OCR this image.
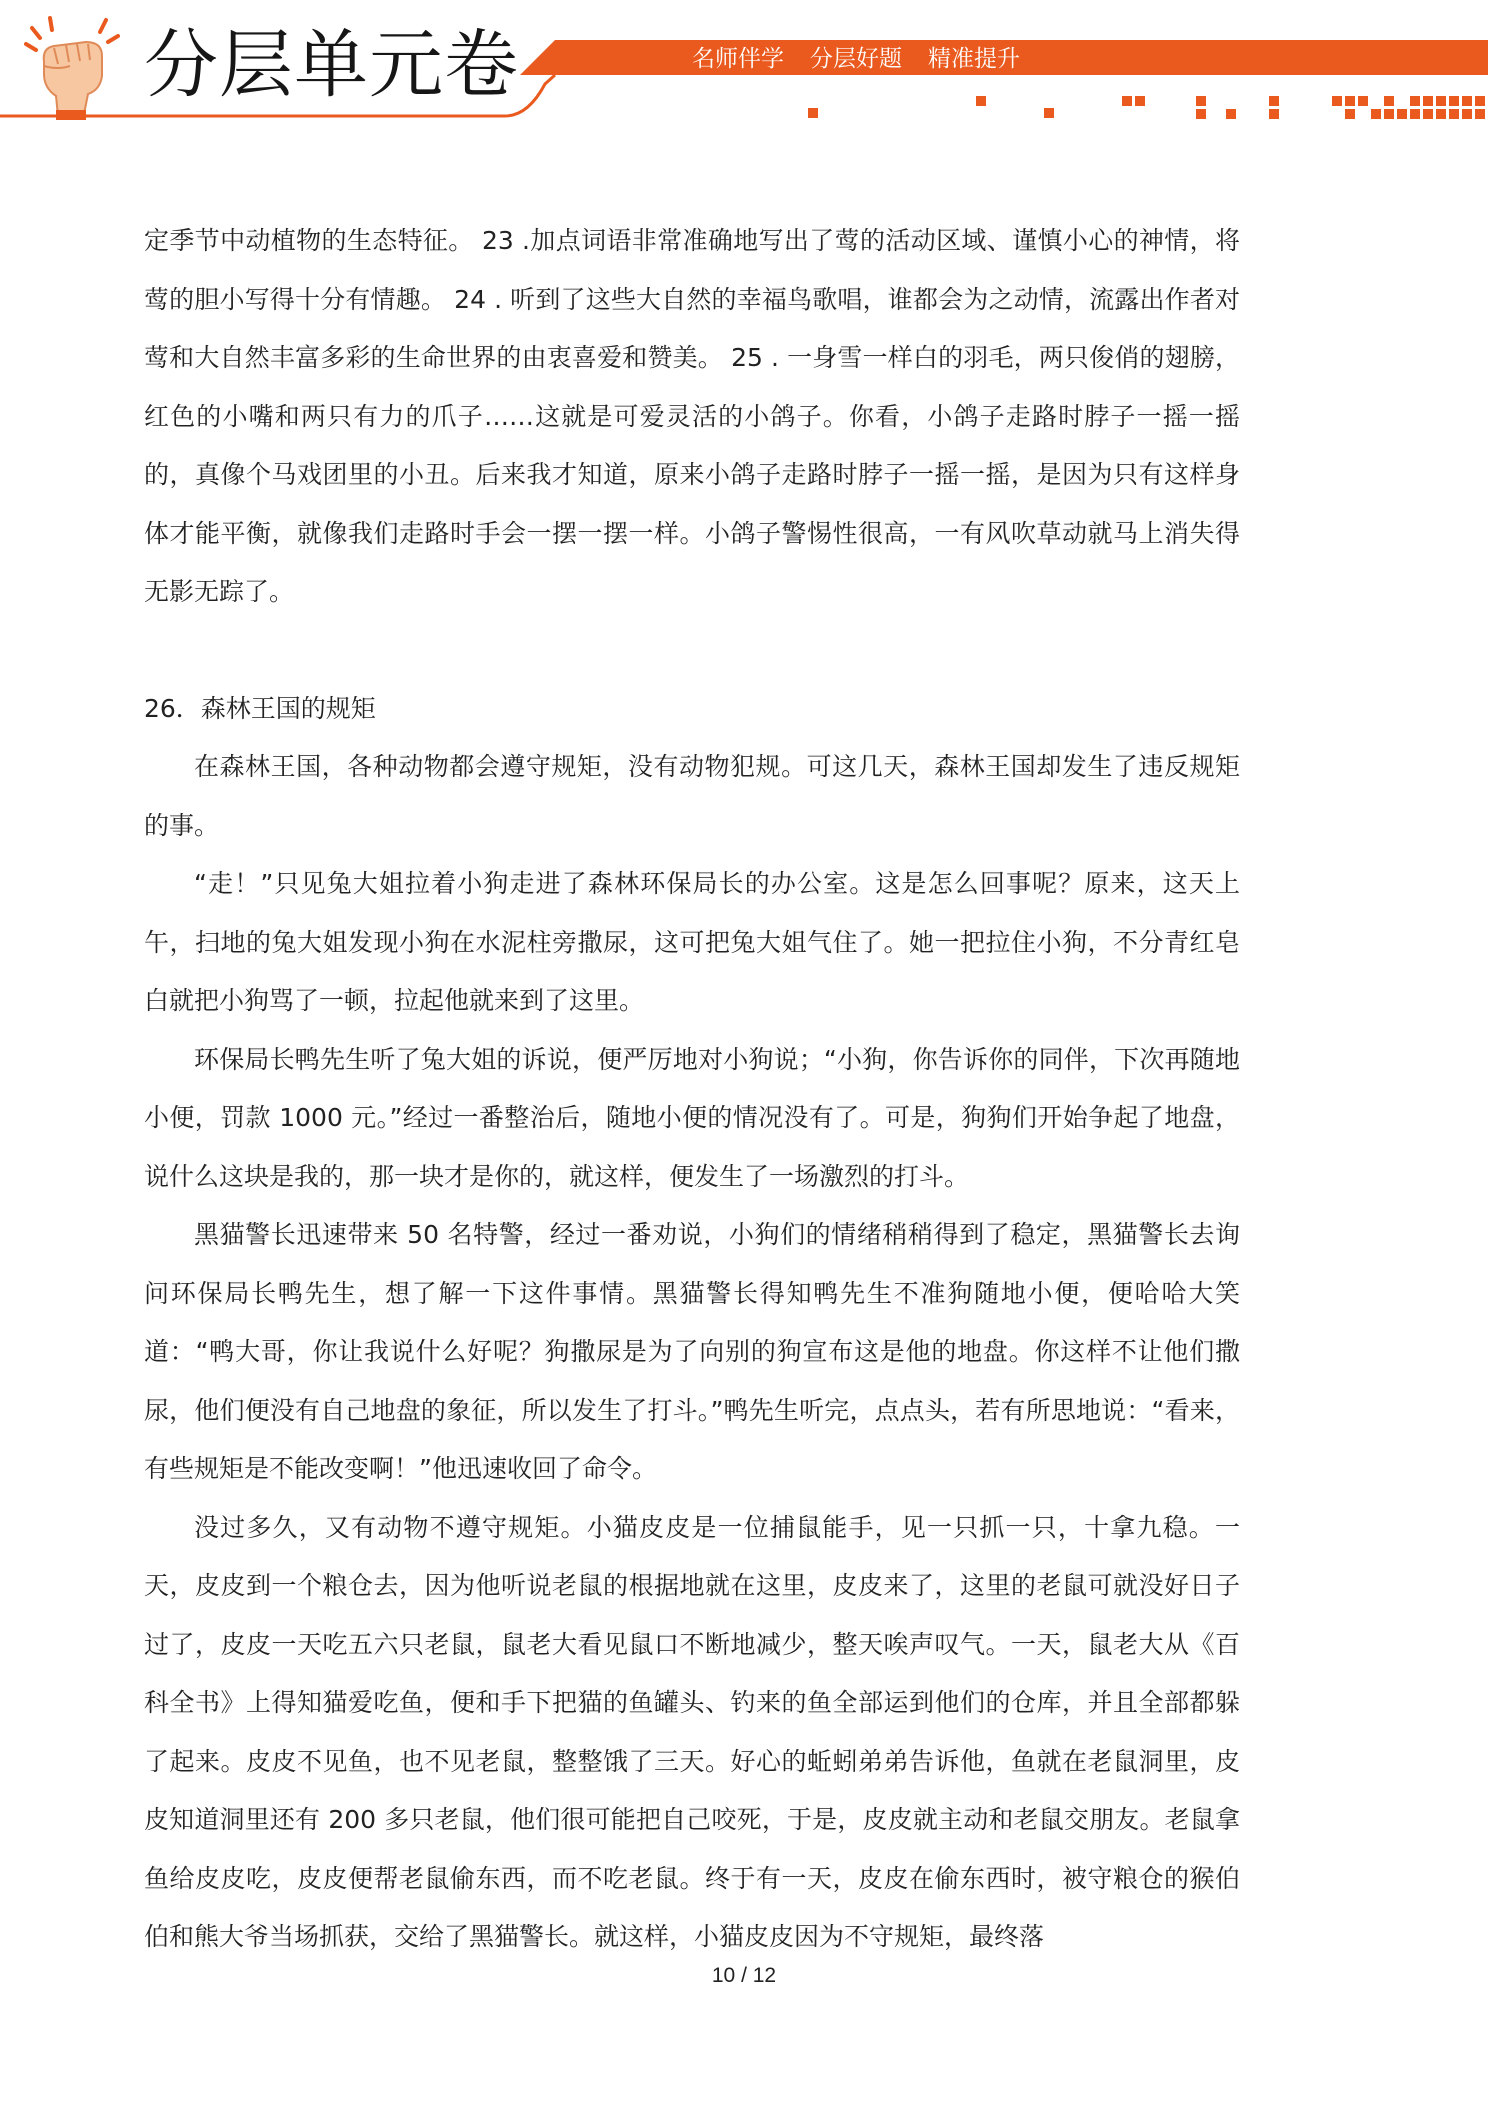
分层单元卷	名师伴学 分层好题 精准提升

定季节中动植物的生态特征。 23 .加点词语非常准确地写出了莺的活动区域、谨慎小心的神情，将莺的胆小写得十分有情趣。 24 . 听到了这些大自然的幸福鸟歌唱，谁都会为之动情，流露出作者对莺和大自然丰富多彩的生命世界的由衷喜爱和赞美。 25 . 一身雪一样白的羽毛，两只俊俏的翅膀，红色的小嘴和两只有力的爪子……这就是可爱灵活的小鸽子。你看，小鸽子走路时脖子一摇一摇的，真像个马戏团里的小丑。后来我才知道，原来小鸽子走路时脖子一摇一摇，是因为只有这样身体才能平衡，就像我们走路时手会一摆一摆一样。小鸽子警惕性很高，一有风吹草动就马上消失得无影无踪了。

26．森林王国的规矩

在森林王国，各种动物都会遵守规矩，没有动物犯规。可这几天，森林王国却发生了违反规矩的事。

“走！”只见兔大姐拉着小狗走进了森林环保局长的办公室。这是怎么回事呢？原来，这天上午，扫地的兔大姐发现小狗在水泥柱旁撒尿，这可把兔大姐气住了。她一把拉住小狗，不分青红皂白就把小狗骂了一顿，拉起他就来到了这里。

环保局长鸭先生听了兔大姐的诉说，便严厉地对小狗说；“小狗，你告诉你的同伴，下次再随地小便，罚款 1000 元。”经过一番整治后，随地小便的情况没有了。可是，狗狗们开始争起了地盘，说什么这块是我的，那一块才是你的，就这样，便发生了一场激烈的打斗。

黑猫警长迅速带来 50 名特警，经过一番劝说，小狗们的情绪稍稍得到了稳定，黑猫警长去询问环保局长鸭先生，想了解一下这件事情。黑猫警长得知鸭先生不准狗随地小便，便哈哈大笑道：“鸭大哥，你让我说什么好呢？狗撒尿是为了向别的狗宣布这是他的地盘。你这样不让他们撒尿，他们便没有自己地盘的象征，所以发生了打斗。”鸭先生听完，点点头，若有所思地说：“看来，有些规矩是不能改变啊！”他迅速收回了命令。

没过多久，又有动物不遵守规矩。小猫皮皮是一位捕鼠能手，见一只抓一只，十拿九稳。一天，皮皮到一个粮仓去，因为他听说老鼠的根据地就在这里，皮皮来了，这里的老鼠可就没好日子过了，皮皮一天吃五六只老鼠，鼠老大看见鼠口不断地减少，整天唉声叹气。一天，鼠老大从《百科全书》上得知猫爱吃鱼，便和手下把猫的鱼罐头、钓来的鱼全部运到他们的仓库，并且全部都躲了起来。皮皮不见鱼，也不见老鼠，整整饿了三天。好心的蚯蚓弟弟告诉他，鱼就在老鼠洞里，皮皮知道洞里还有 200 多只老鼠，他们很可能把自己咬死，于是，皮皮就主动和老鼠交朋友。老鼠拿鱼给皮皮吃，皮皮便帮老鼠偷东西，而不吃老鼠。终于有一天，皮皮在偷东西时，被守粮仓的猴伯伯和熊大爷当场抓获，交给了黑猫警长。就这样，小猫皮皮因为不守规矩，最终落

10 / 12
